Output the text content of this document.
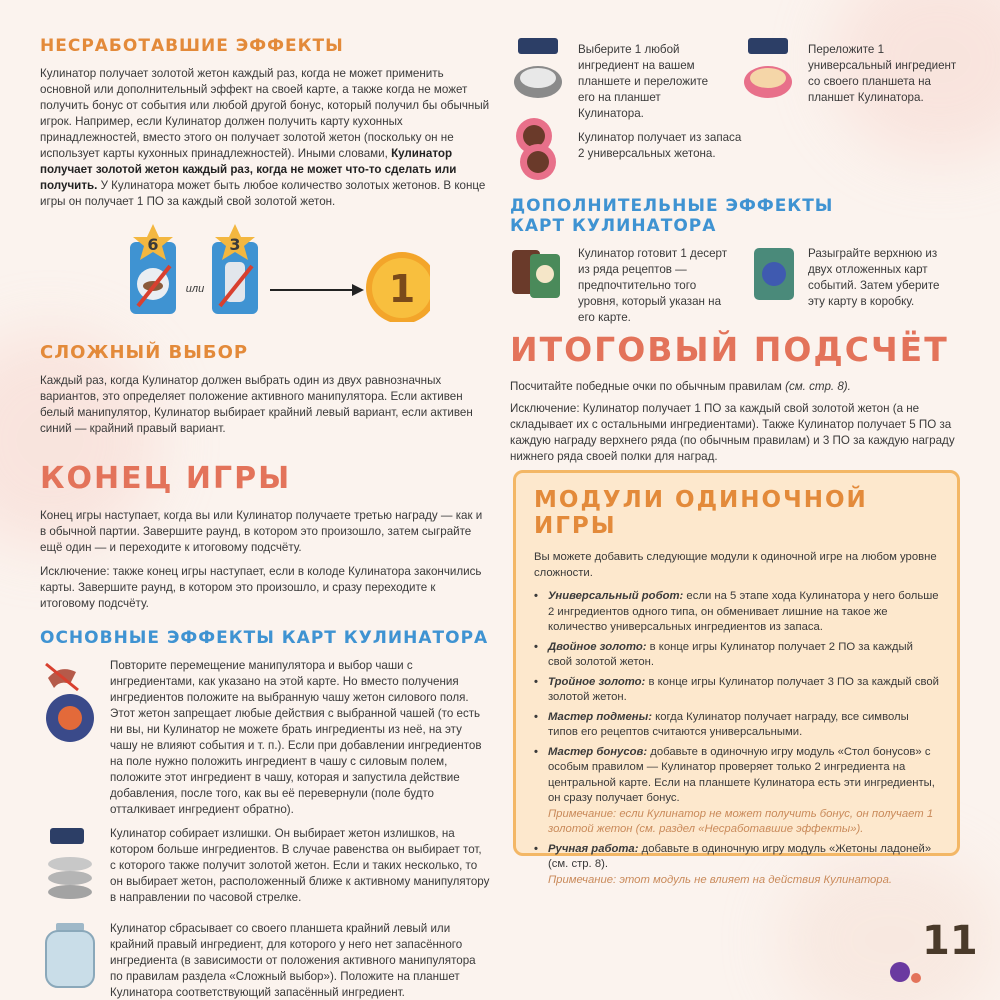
НЕСРАБОТАВШИЕ ЭФФЕКТЫ

Кулинатор получает золотой жетон каждый раз, когда не может применить основной или дополнительный эффект на своей карте, а также когда не может получить бонус от события или любой другой бонус, который получил бы обычный игрок. Например, если Кулинатор должен получить карту кухонных принадлежностей, вместо этого он получает золотой жетон (поскольку он не использует карты кухонных принадлежностей). Иными словами, Кулинатор получает золотой жетон каждый раз, когда не может что-то сделать или получить. У Кулинатора может быть любое количество золотых жетонов. В конце игры он получает 1 ПО за каждый свой золотой жетон.

6
или
3
1
СЛОЖНЫЙ ВЫБОР

Каждый раз, когда Кулинатор должен выбрать один из двух равнозначных вариантов, это определяет положение активного манипулятора. Если активен белый манипулятор, Кулинатор выбирает крайний левый вариант, если активен синий — крайний правый вариант.

КОНЕЦ ИГРЫ

Конец игры наступает, когда вы или Кулинатор получаете третью награду — как и в обычной партии. Завершите раунд, в котором это произошло, затем сыграйте ещё один — и переходите к итоговому подсчёту.

Исключение: также конец игры наступает, если в колоде Кулинатора закончились карты. Завершите раунд, в котором это произошло, и сразу переходите к итоговому подсчёту.

ОСНОВНЫЕ ЭФФЕКТЫ КАРТ КУЛИНАТОРА

Повторите перемещение манипулятора и выбор чаши с ингредиентами, как указано на этой карте. Но вместо получения ингредиентов положите на выбранную чашу жетон силового поля. Этот жетон запрещает любые действия с выбранной чашей (то есть ни вы, ни Кулинатор не можете брать ингредиенты из неё, на эту чашу не влияют события и т. п.). Если при добавлении ингредиентов на поле нужно положить ингредиент в чашу с силовым полем, положите этот ингредиент в чашу, которая и запустила действие добавления, после того, как вы её перевернули (поле будто отталкивает ингредиент обратно).

Кулинатор собирает излишки. Он выбирает жетон излишков, на котором больше ингредиентов. В случае равенства он выбирает тот, с которого также получит золотой жетон. Если и таких несколько, то он выбирает жетон, расположенный ближе к активному манипулятору в направлении по часовой стрелке.

Кулинатор сбрасывает со своего планшета крайний левый или крайний правый ингредиент, для которого у него нет запасённого ингредиента (в зависимости от положения активного манипулятора по правилам раздела «Сложный выбор»). Положите на планшет Кулинатора соответствующий запасённый ингредиент.

Выберите 1 любой ингредиент на вашем планшете и переложите его на планшет Кулинатора.

Переложите 1 универсальный ингредиент со своего планшета на планшет Кулинатора.

Кулинатор получает из запаса 2 универсальных жетона.

ДОПОЛНИТЕЛЬНЫЕ ЭФФЕКТЫ
КАРТ КУЛИНАТОРА

Кулинатор готовит 1 десерт из ряда рецептов — предпочтительно того уровня, который указан на его карте.

Разыграйте верхнюю из двух отложенных карт событий. Затем уберите эту карту в коробку.

ИТОГОВЫЙ ПОДСЧЁТ

Посчитайте победные очки по обычным правилам (см. стр. 8).

Исключение: Кулинатор получает 1 ПО за каждый свой золотой жетон (а не складывает их с остальными ингредиентами). Также Кулинатор получает 5 ПО за каждую награду верхнего ряда (по обычным правилам) и 3 ПО за каждую награду нижнего ряда своей полки для наград.

МОДУЛИ ОДИНОЧНОЙ ИГРЫ

Вы можете добавить следующие модули к одиночной игре на любом уровне сложности.

• Универсальный робот: если на 5 этапе хода Кулинатора у него больше 2 ингредиентов одного типа, он обменивает лишние на такое же количество универсальных ингредиентов из запаса.
• Двойное золото: в конце игры Кулинатор получает 2 ПО за каждый свой золотой жетон.
• Тройное золото: в конце игры Кулинатор получает 3 ПО за каждый свой золотой жетон.
• Мастер подмены: когда Кулинатор получает награду, все символы типов его рецептов считаются универсальными.
• Мастер бонусов: добавьте в одиночную игру модуль «Стол бонусов» с особым правилом — Кулинатор проверяет только 2 ингредиента на центральной карте. Если на планшете Кулинатора есть эти ингредиенты, он сразу получает бонус.
Примечание: если Кулинатор не может получить бонус, он получает 1 золотой жетон (см. раздел «Несработавшие эффекты»).
• Ручная работа: добавьте в одиночную игру модуль «Жетоны ладоней» (см. стр. 8).
Примечание: этот модуль не влияет на действия Кулинатора.
11
